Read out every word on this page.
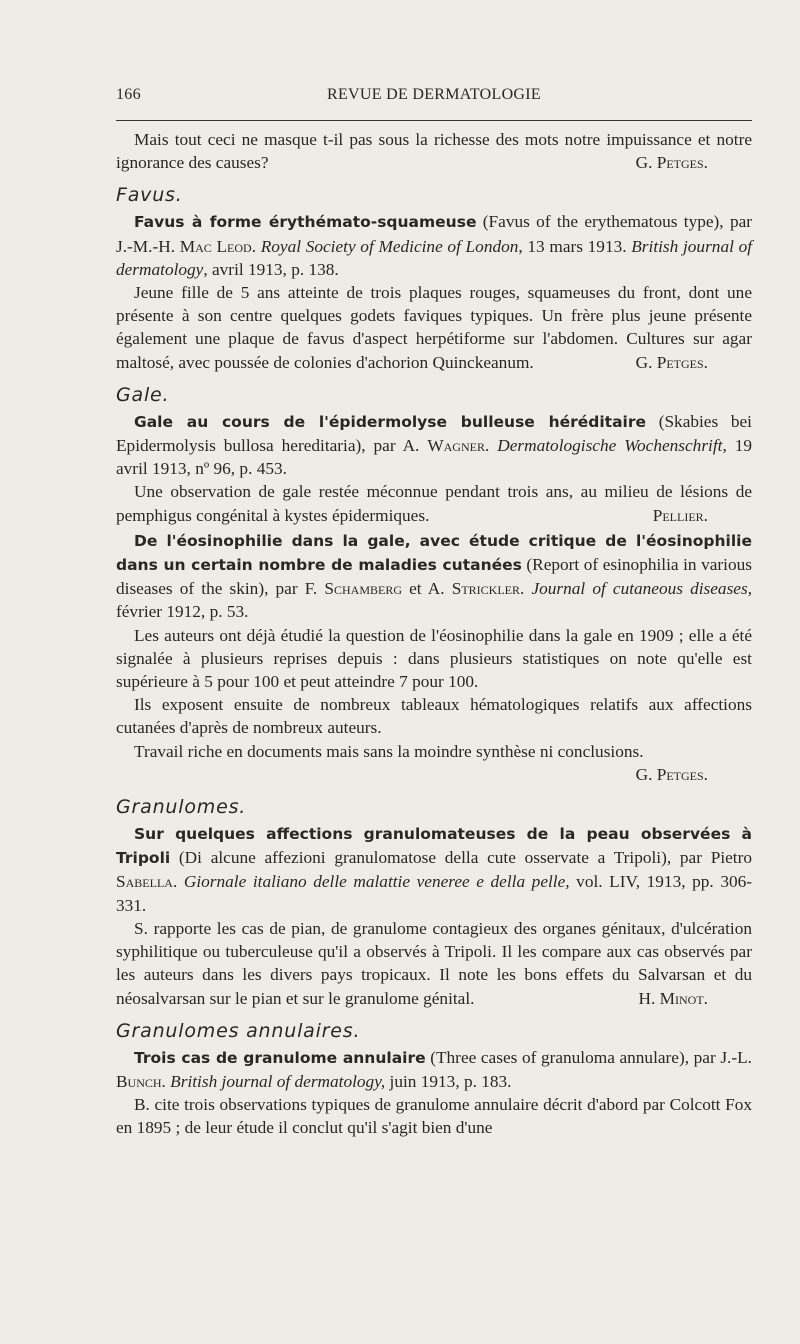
166	REVUE DE DERMATOLOGIE

Mais tout ceci ne masque t-il pas sous la richesse des mots notre impuissance et notre ignorance des causes?	G. Petges.

Favus.

Favus à forme érythémato-squameuse (Favus of the erythematous type), par J.-M.-H. Mac Leod. Royal Society of Medicine of London, 13 mars 1913. British journal of dermatology, avril 1913, p. 138.

Jeune fille de 5 ans atteinte de trois plaques rouges, squameuses du front, dont une présente à son centre quelques godets faviques typiques. Un frère plus jeune présente également une plaque de favus d'aspect herpétiforme sur l'abdomen. Cultures sur agar maltosé, avec poussée de colonies d'achorion Quinckeanum.	G. Petges.

Gale.

Gale au cours de l'épidermolyse bulleuse héréditaire (Skabies bei Epidermolysis bullosa hereditaria), par A. Wagner. Dermatologische Wochenschrift, 19 avril 1913, nº 96, p. 453.

Une observation de gale restée méconnue pendant trois ans, au milieu de lésions de pemphigus congénital à kystes épidermiques.	Pellier.

De l'éosinophilie dans la gale, avec étude critique de l'éosinophilie dans un certain nombre de maladies cutanées (Report of esinophilia in various diseases of the skin), par F. Schamberg et A. Strickler. Journal of cutaneous diseases, février 1912, p. 53.

Les auteurs ont déjà étudié la question de l'éosinophilie dans la gale en 1909 ; elle a été signalée à plusieurs reprises depuis : dans plusieurs statistiques on note qu'elle est supérieure à 5 pour 100 et peut atteindre 7 pour 100.

Ils exposent ensuite de nombreux tableaux hématologiques relatifs aux affections cutanées d'après de nombreux auteurs.

Travail riche en documents mais sans la moindre synthèse ni conclusions.
G. Petges.

Granulomes.

Sur quelques affections granulomateuses de la peau observées à Tripoli (Di alcune affezioni granulomatose della cute osservate a Tripoli), par Pietro Sabella. Giornale italiano delle malattie veneree e della pelle, vol. LIV, 1913, pp. 306-331.

S. rapporte les cas de pian, de granulome contagieux des organes génitaux, d'ulcération syphilitique ou tuberculeuse qu'il a observés à Tripoli. Il les compare aux cas observés par les auteurs dans les divers pays tropicaux. Il note les bons effets du Salvarsan et du néosalvarsan sur le pian et sur le granulome génital.	H. Minot.

Granulomes annulaires.

Trois cas de granulome annulaire (Three cases of granuloma annulare), par J.-L. Bunch. British journal of dermatology, juin 1913, p. 183.

B. cite trois observations typiques de granulome annulaire décrit d'abord par Colcott Fox en 1895 ; de leur étude il conclut qu'il s'agit bien d'une
